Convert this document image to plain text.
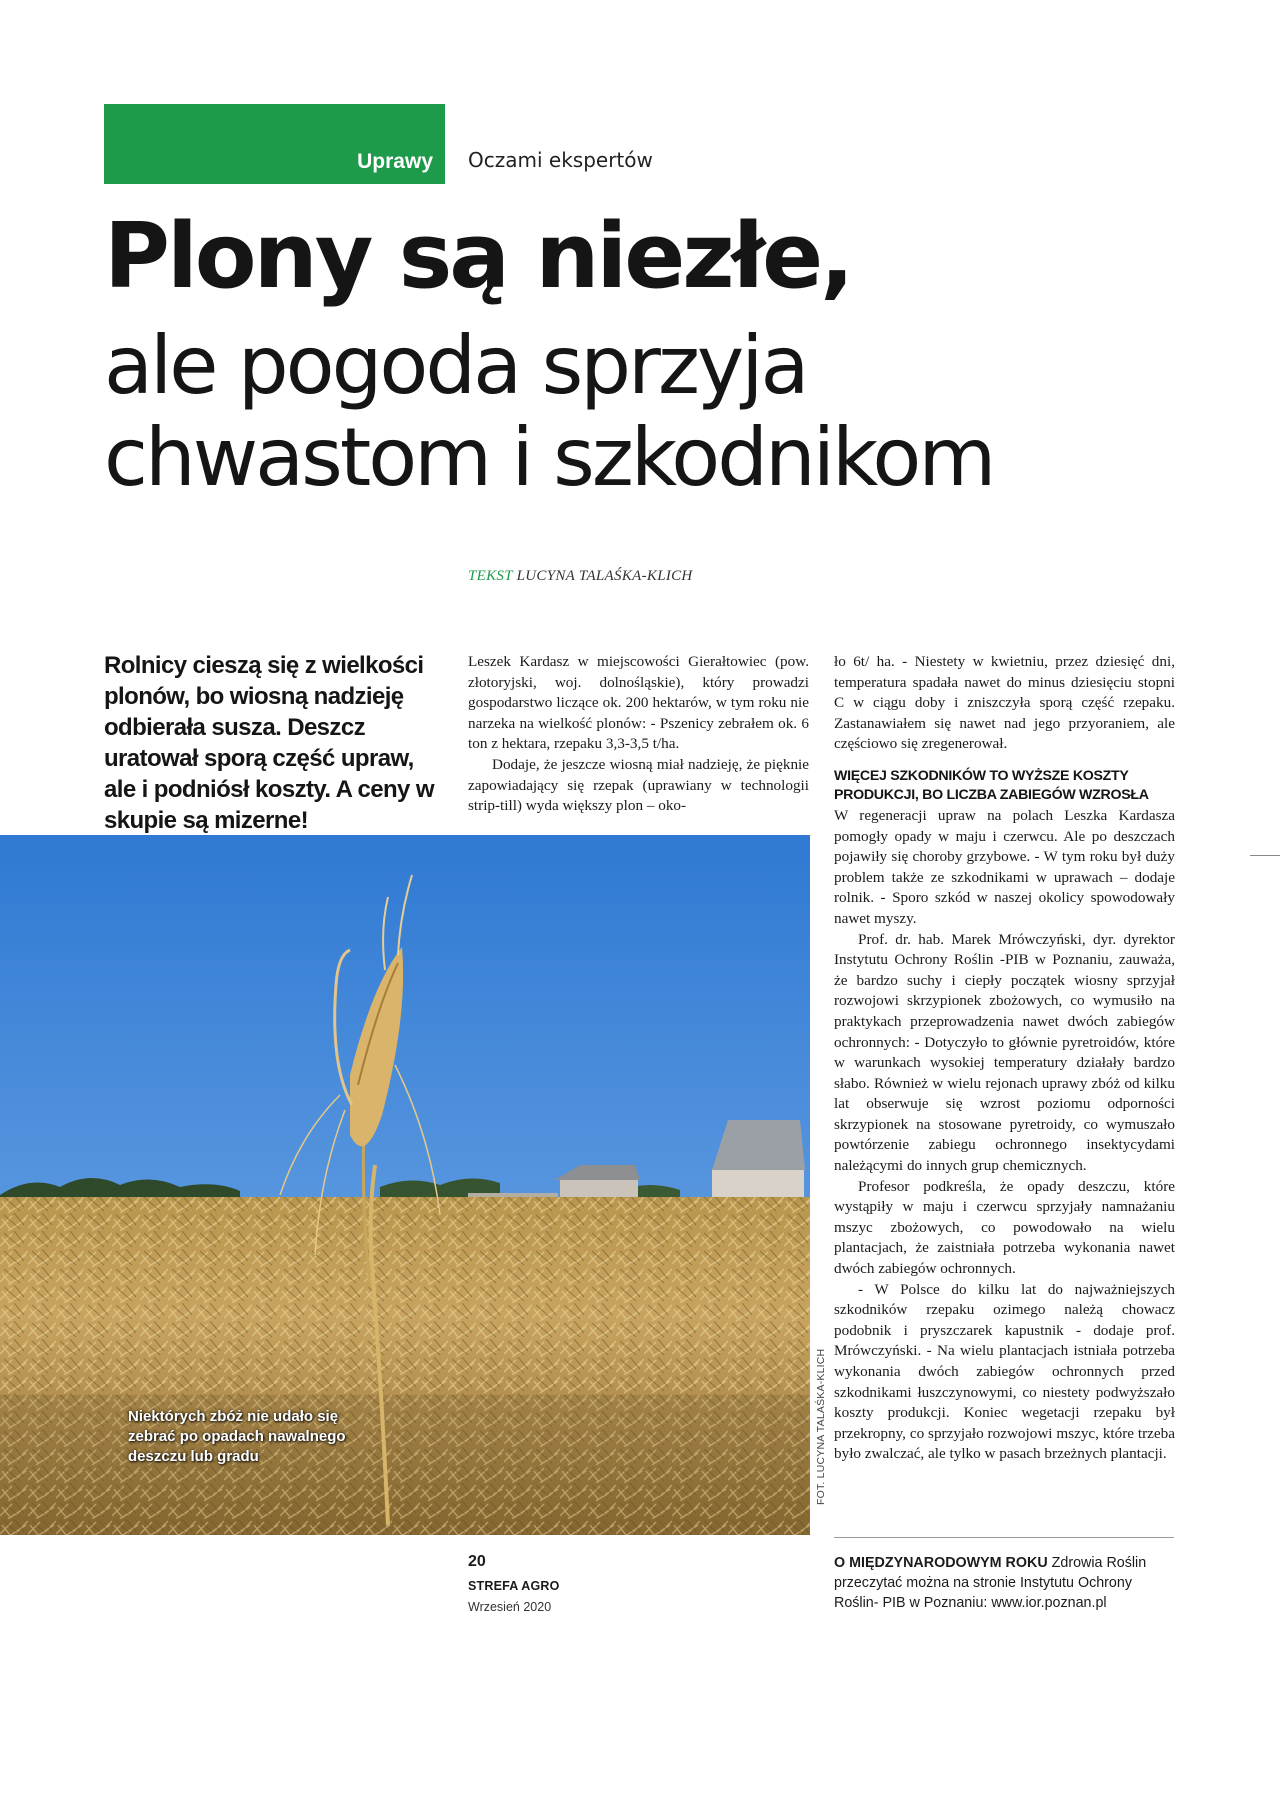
Uprawy Oczami ekspertów
Plony są niezłe,
ale pogoda sprzyja
chwastom i szkodnikom
TEKST LUCYNA TALAŚKA-KLICH

Rolnicy cieszą się z wielkości plonów, bo wiosną nadzieję odbierała susza. Deszcz uratował sporą część upraw, ale i podniósł koszty. A ceny w skupie są mizerne!

Leszek Kardasz w miejscowości Gierałtowiec (pow. złotoryjski, woj. dolnośląskie), który prowadzi gospodarstwo liczące ok. 200 hektarów, w tym roku nie narzeka na wielkość plonów: - Pszenicy zebrałem ok. 6 ton z hektara, rzepaku 3,3-3,5 t/ha.

Dodaje, że jeszcze wiosną miał nadzieję, że pięknie zapowiadający się rzepak (uprawiany w technologii strip-till) wyda większy plon – oko-

ło 6t/ ha. - Niestety w kwietniu, przez dziesięć dni, temperatura spadała nawet do minus dziesięciu stopni C w ciągu doby i zniszczyła sporą część rzepaku. Zastanawiałem się nawet nad jego przyoraniem, ale częściowo się zregenerował.

WIĘCEJ SZKODNIKÓW TO WYŻSZE KOSZTY PRODUKCJI, BO LICZBA ZABIEGÓW WZROSŁA

W regeneracji upraw na polach Leszka Kardasza pomogły opady w maju i czerwcu. Ale po deszczach pojawiły się choroby grzybowe. - W tym roku był duży problem także ze szkodnikami w uprawach – dodaje rolnik. - Sporo szkód w naszej okolicy spowodowały nawet myszy.

Prof. dr. hab. Marek Mrówczyński, dyr. dyrektor Instytutu Ochrony Roślin -PIB w Poznaniu, zauważa, że bardzo suchy i ciepły początek wiosny sprzyjał rozwojowi skrzypionek zbożowych, co wymusiło na praktykach przeprowadzenia nawet dwóch zabiegów ochronnych: - Dotyczyło to głównie pyretroidów, które w warunkach wysokiej temperatury działały bardzo słabo. Również w wielu rejonach uprawy zbóż od kilku lat obserwuje się wzrost poziomu odporności skrzypionek na stosowane pyretroidy, co wymuszało powtórzenie zabiegu ochronnego insektycydami należącymi do innych grup chemicznych.

Profesor podkreśla, że opady deszczu, które wystąpiły w maju i czerwcu sprzyjały namnażaniu mszyc zbożowych, co powodowało na wielu plantacjach, że zaistniała potrzeba wykonania nawet dwóch zabiegów ochronnych.

- W Polsce do kilku lat do najważniejszych szkodników rzepaku ozimego należą chowacz podobnik i pryszczarek kapustnik - dodaje prof. Mrówczyński. - Na wielu plantacjach istniała potrzeba wykonania dwóch zabiegów ochronnych przed szkodnikami łuszczynowymi, co niestety podwyższało koszty produkcji. Koniec wegetacji rzepaku był przekropny, co sprzyjało rozwojowi mszyc, które trzeba było zwalczać, ale tylko w pasach brzeżnych plantacji.

Niektórych zbóż nie udało się zebrać po opadach nawalnego deszczu lub gradu	FOT. LUCYNA TALAŚKA-KLICH
20
STREFA AGRO
Wrzesień 2020

O MIĘDZYNARODOWYM ROKU Zdrowia Roślin przeczytać można na stronie Instytutu Ochrony Roślin- PIB w Poznaniu: www.ior.poznan.pl
